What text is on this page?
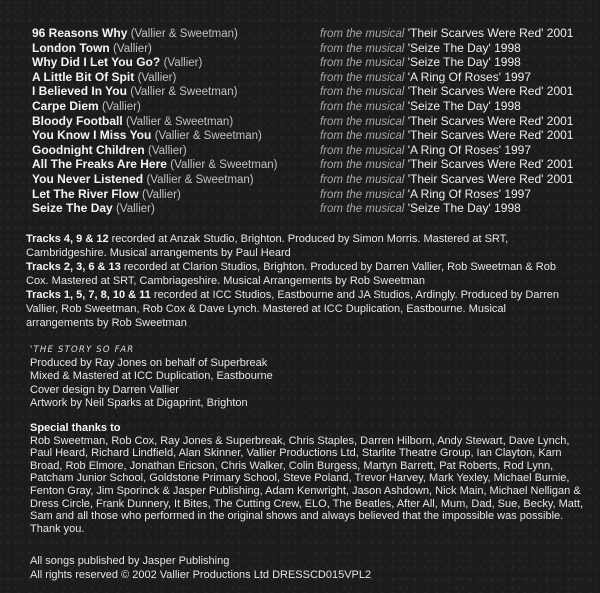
96 Reasons Why (Vallier & Sweetman)	from the musical 'Their Scarves Were Red' 2001
London Town (Vallier)	from the musical 'Seize The Day' 1998
Why Did I Let You Go? (Vallier)	from the musical 'Seize The Day' 1998
A Little Bit Of Spit (Vallier)	from the musical 'A Ring Of Roses' 1997
I Believed In You (Vallier & Sweetman)	from the musical 'Their Scarves Were Red' 2001
Carpe Diem (Vallier)	from the musical 'Seize The Day' 1998
Bloody Football (Vallier & Sweetman)	from the musical 'Their Scarves Were Red' 2001
You Know I Miss You (Vallier & Sweetman)	from the musical 'Their Scarves Were Red' 2001
Goodnight Children (Vallier)	from the musical 'A Ring Of Roses' 1997
All The Freaks Are Here (Vallier & Sweetman)	from the musical 'Their Scarves Were Red' 2001
You Never Listened (Vallier & Sweetman)	from the musical 'Their Scarves Were Red' 2001
Let The River Flow (Vallier)	from the musical 'A Ring Of Roses' 1997
Seize The Day (Vallier)	from the musical 'Seize The Day' 1998
Tracks 4, 9 & 12 recorded at Anzak Studio, Brighton. Produced by Simon Morris. Mastered at SRT, Cambridgeshire. Musical arrangements by Paul Heard
Tracks 2, 3, 6 & 13 recorded at Clarion Studios, Brighton. Produced by Darren Vallier, Rob Sweetman & Rob Cox. Mastered at SRT, Cambriageshire. Musical Arrangements by Rob Sweetman
Tracks 1, 5, 7, 8, 10 & 11 recorded at ICC Studios, Eastbourne and JA Studios, Ardingly. Produced by Darren Vallier, Rob Sweetman, Rob Cox & Dave Lynch. Mastered at ICC Duplication, Eastbourne. Musical arrangements by Rob Sweetman
'THE STORY SO FAR
Produced by Ray Jones on behalf of Superbreak
Mixed & Mastered at ICC Duplication, Eastbourne
Cover design by Darren Vallier
Artwork by Neil Sparks at Digaprint, Brighton
Special thanks to
Rob Sweetman, Rob Cox, Ray Jones & Superbreak, Chris Staples, Darren Hilborn, Andy Stewart, Dave Lynch, Paul Heard, Richard Lindfield, Alan Skinner, Vallier Productions Ltd, Starlite Theatre Group, Ian Clayton, Karn Broad, Rob Elmore, Jonathan Ericson, Chris Walker, Colin Burgess, Martyn Barrett, Pat Roberts, Rod Lynn, Patcham Junior School, Goldstone Primary School, Steve Poland, Trevor Harvey, Mark Yexley, Michael Burnie, Fenton Gray, Jim Sporinck & Jasper Publishing, Adam Kenwright, Jason Ashdown, Nick Main, Michael Nelligan & Dress Circle, Frank Dunnery, It Bites, The Cutting Crew, ELO, The Beatles, After All, Mum, Dad, Sue, Becky, Matt, Sam and all those who performed in the original shows and always believed that the impossible was possible. Thank you.
All songs published by Jasper Publishing
All rights reserved © 2002 Vallier Productions Ltd DRESSCD015VPL2
